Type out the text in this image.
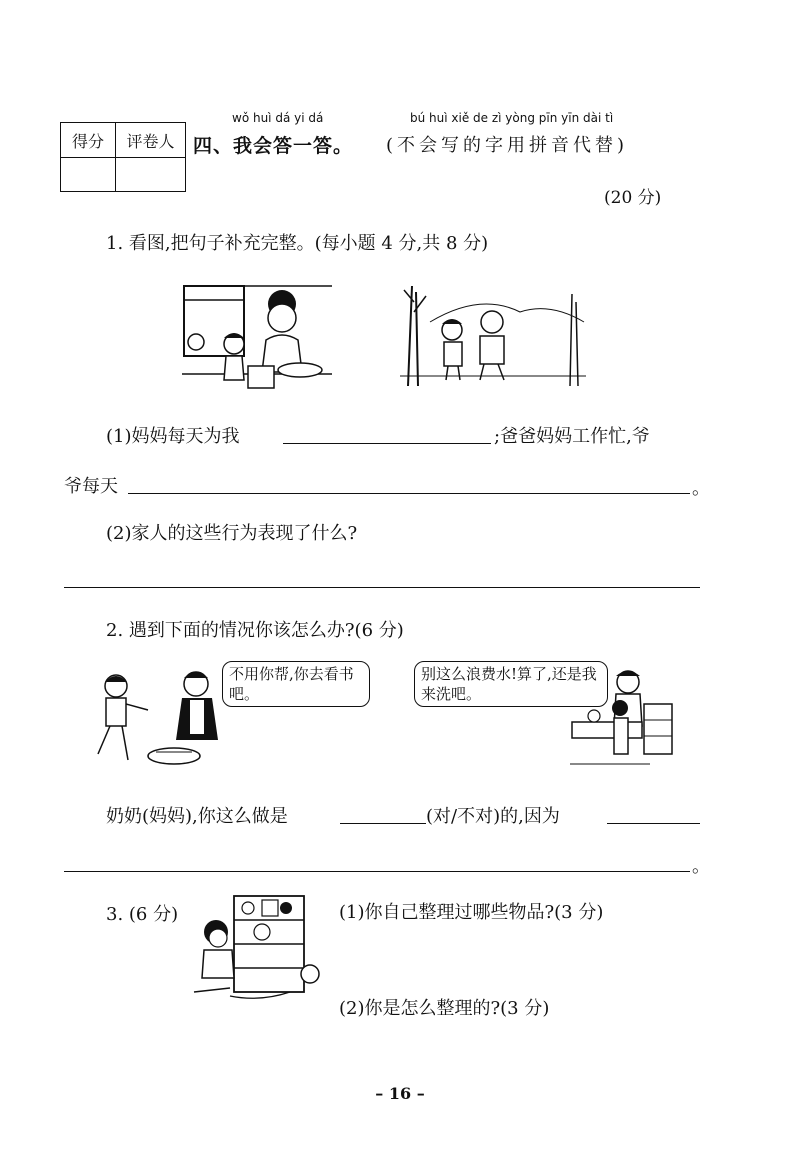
得分	评卷人
wǒ huì dá yi dá	bú huì xiě de zì yòng pīn yīn dài tì
四、我会答一答。 (不会写的字用拼音代替)
(20 分)
1. 看图,把句子补充完整。(每小题 4 分,共 8 分)
(1)妈妈每天为我	;爸爸妈妈工作忙,爷
爷每天	。
(2)家人的这些行为表现了什么?
2. 遇到下面的情况你该怎么办?(6 分)
不用你帮,你去看书吧。
别这么浪费水!算了,还是我来洗吧。
奶奶(妈妈),你这么做是	(对/不对)的,因为
。
3. (6 分)	(1)你自己整理过哪些物品?(3 分)
(2)你是怎么整理的?(3 分)
– 16 –
